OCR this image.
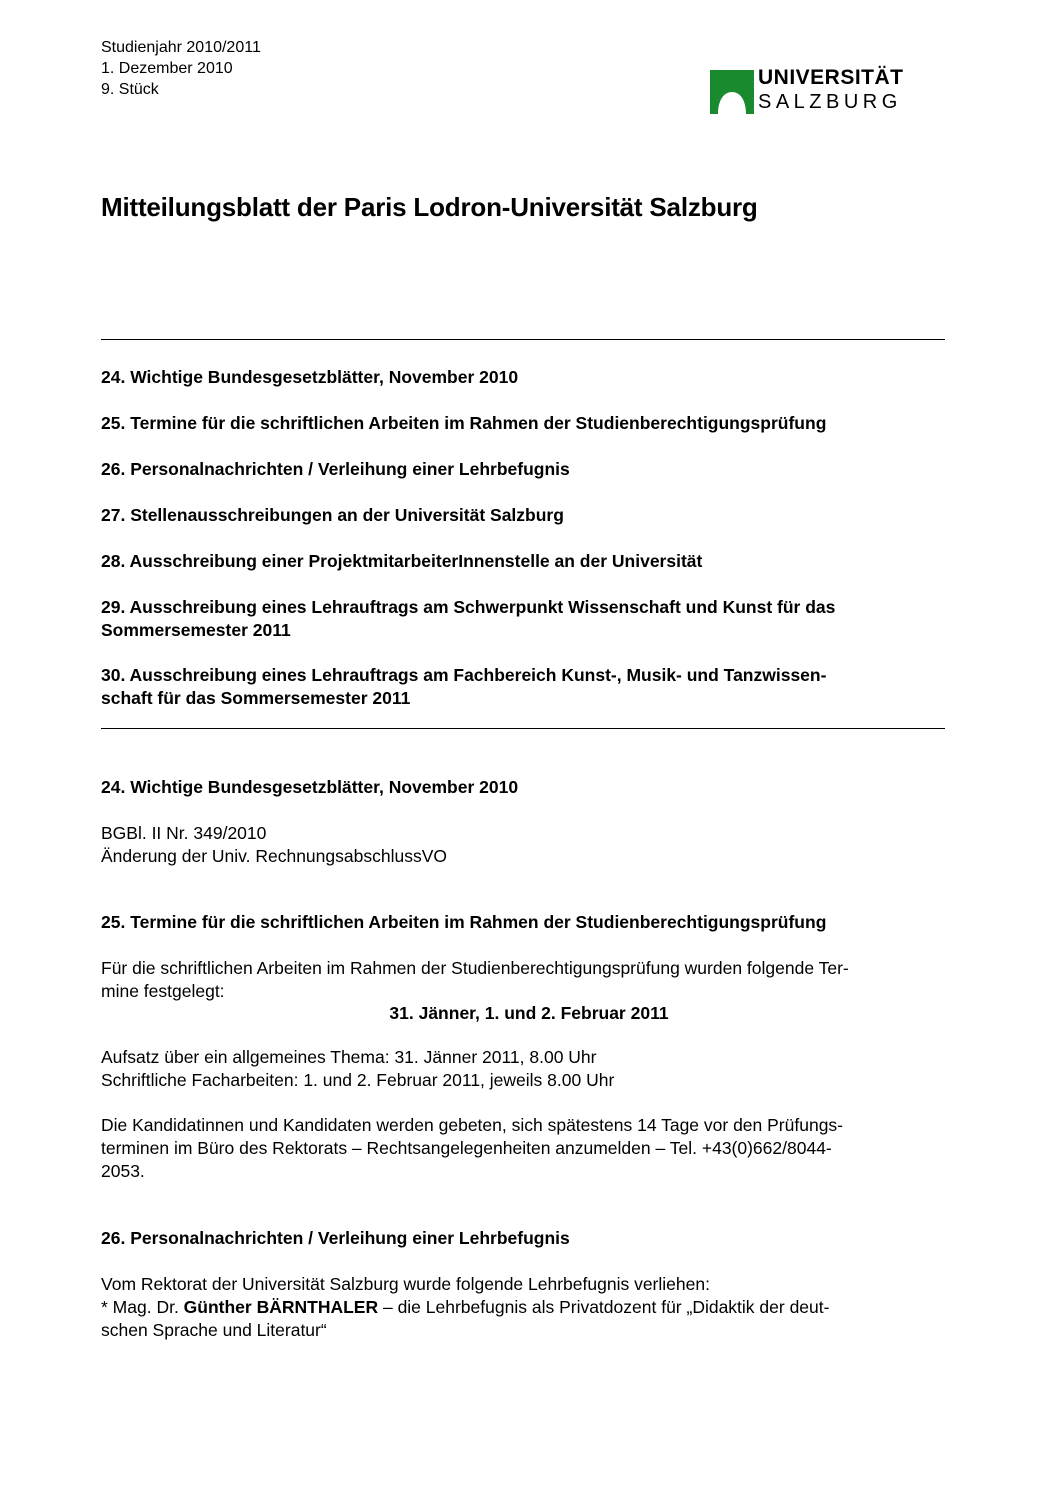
Studienjahr 2010/2011
1. Dezember 2010
9. Stück
UNIVERSITÄT
SALZBURG
Mitteilungsblatt der Paris Lodron-Universität Salzburg
24. Wichtige Bundesgesetzblätter, November 2010
25. Termine für die schriftlichen Arbeiten im Rahmen der Studienberechtigungsprüfung
26. Personalnachrichten / Verleihung einer Lehrbefugnis
27. Stellenausschreibungen an der Universität Salzburg
28. Ausschreibung einer ProjektmitarbeiterInnenstelle an der Universität
29. Ausschreibung eines Lehrauftrags am Schwerpunkt Wissenschaft und Kunst für das
Sommersemester 2011
30. Ausschreibung eines Lehrauftrags am Fachbereich Kunst-, Musik- und Tanzwissen-
schaft für das Sommersemester 2011
24. Wichtige Bundesgesetzblätter, November 2010
BGBl. II Nr. 349/2010
Änderung der Univ. RechnungsabschlussVO
25. Termine für die schriftlichen Arbeiten im Rahmen der Studienberechtigungsprüfung
Für die schriftlichen Arbeiten im Rahmen der Studienberechtigungsprüfung wurden folgende Ter-
mine festgelegt:
31. Jänner, 1. und 2. Februar 2011
Aufsatz über ein allgemeines Thema: 31. Jänner 2011, 8.00 Uhr
Schriftliche Facharbeiten: 1. und 2. Februar 2011, jeweils 8.00 Uhr
Die Kandidatinnen und Kandidaten werden gebeten, sich spätestens 14 Tage vor den Prüfungs-
terminen im Büro des Rektorats – Rechtsangelegenheiten anzumelden – Tel. +43(0)662/8044-
2053.
26. Personalnachrichten / Verleihung einer Lehrbefugnis
Vom Rektorat der Universität Salzburg wurde folgende Lehrbefugnis verliehen:
* Mag. Dr. Günther BÄRNTHALER – die Lehrbefugnis als Privatdozent für „Didaktik der deut-
schen Sprache und Literatur“
